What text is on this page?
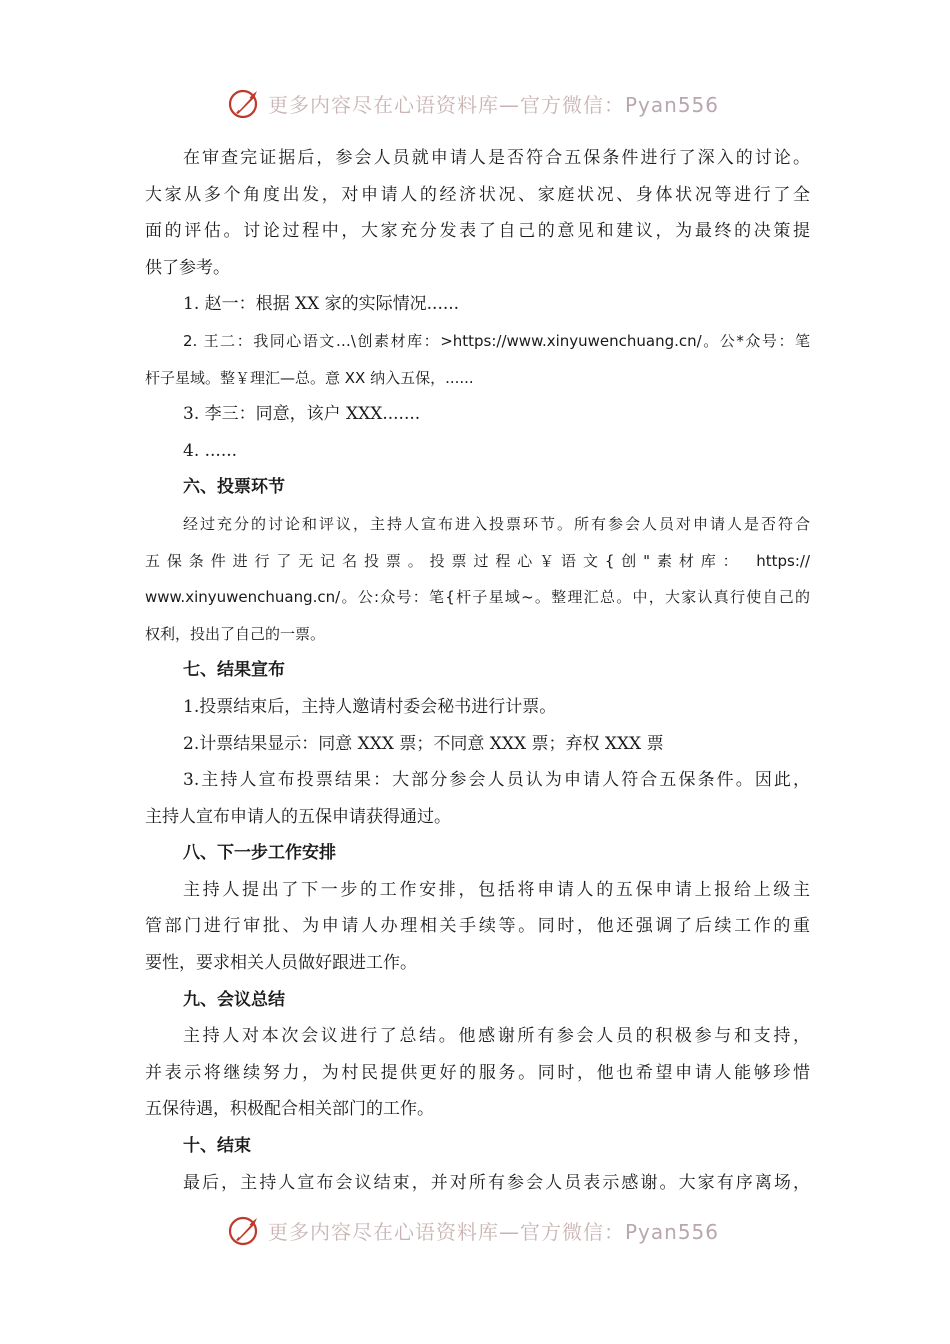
更多内容尽在心语资料库—官方微信：Pyan556
在审查完证据后，参会人员就申请人是否符合五保条件进行了深入的讨论。
大家从多个角度出发，对申请人的经济状况、家庭状况、身体状况等进行了全
面的评估。讨论过程中，大家充分发表了自己的意见和建议，为最终的决策提
供了参考。
1. 赵一：根据 XX 家的实际情况......
2. 王二：我同心语文…\创素材库：>https://www.xinyuwenchuang.cn/。公*众号：笔
杆子星域。整￥理汇—总。意 XX 纳入五保，......
3. 李三：同意，该户 XXX.......
4. ......
六、投票环节
经过充分的讨论和评议，主持人宣布进入投票环节。所有参会人员对申请人是否符合
五保条件进行了无记名投票。投票过程心￥语文{创"素材库： https://
www.xinyuwenchuang.cn/。公:众号：笔{杆子星域~。整理汇总。中，大家认真行使自己的
权利，投出了自己的一票。
七、结果宣布
1.投票结束后，主持人邀请村委会秘书进行计票。
2.计票结果显示：同意 XXX 票；不同意 XXX 票；弃权 XXX 票
3.主持人宣布投票结果：大部分参会人员认为申请人符合五保条件。因此，
主持人宣布申请人的五保申请获得通过。
八、下一步工作安排
主持人提出了下一步的工作安排，包括将申请人的五保申请上报给上级主
管部门进行审批、为申请人办理相关手续等。同时，他还强调了后续工作的重
要性，要求相关人员做好跟进工作。
九、会议总结
主持人对本次会议进行了总结。他感谢所有参会人员的积极参与和支持，
并表示将继续努力，为村民提供更好的服务。同时，他也希望申请人能够珍惜
五保待遇，积极配合相关部门的工作。
十、结束
最后，主持人宣布会议结束，并对所有参会人员表示感谢。大家有序离场，
更多内容尽在心语资料库—官方微信：Pyan556
